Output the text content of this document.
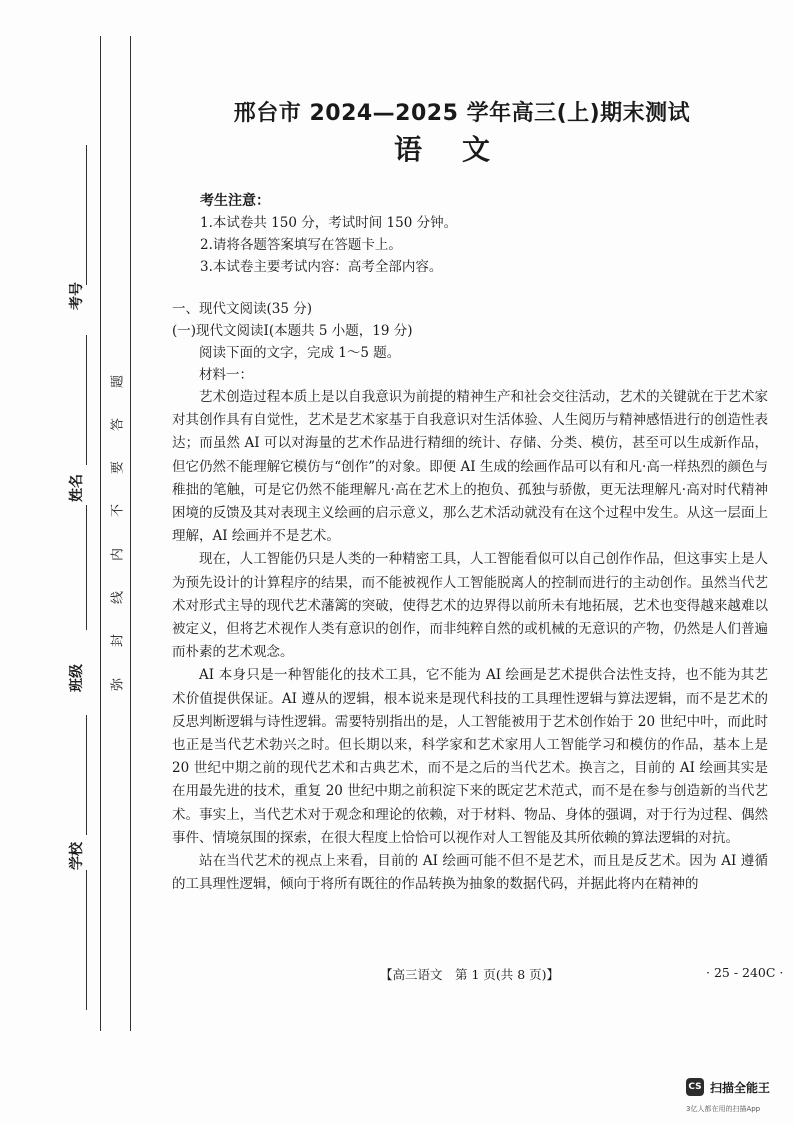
考号
姓名
班级
学校
题
答
要
不
内
线
封
弥
邢台市 2024—2025 学年高三(上)期末测试
语文
考生注意：
1.本试卷共 150 分，考试时间 150 分钟。
2.请将各题答案填写在答题卡上。
3.本试卷主要考试内容：高考全部内容。
一、现代文阅读(35 分)
(一)现代文阅读Ⅰ(本题共 5 小题，19 分)
阅读下面的文字，完成 1～5 题。
材料一：

艺术创造过程本质上是以自我意识为前提的精神生产和社会交往活动，艺术的关键就在于艺术家对其创作具有自觉性，艺术是艺术家基于自我意识对生活体验、人生阅历与精神感悟进行的创造性表达；而虽然 AI 可以对海量的艺术作品进行精细的统计、存储、分类、模仿，甚至可以生成新作品，但它仍然不能理解它模仿与“创作”的对象。即便 AI 生成的绘画作品可以有和凡·高一样热烈的颜色与稚拙的笔触，可是它仍然不能理解凡·高在艺术上的抱负、孤独与骄傲，更无法理解凡·高对时代精神困境的反馈及其对表现主义绘画的启示意义，那么艺术活动就没有在这个过程中发生。从这一层面上理解，AI 绘画并不是艺术。

现在，人工智能仍只是人类的一种精密工具，人工智能看似可以自己创作作品，但这事实上是人为预先设计的计算程序的结果，而不能被视作人工智能脱离人的控制而进行的主动创作。虽然当代艺术对形式主导的现代艺术藩篱的突破，使得艺术的边界得以前所未有地拓展，艺术也变得越来越难以被定义，但将艺术视作人类有意识的创作，而非纯粹自然的或机械的无意识的产物，仍然是人们普遍而朴素的艺术观念。

AI 本身只是一种智能化的技术工具，它不能为 AI 绘画是艺术提供合法性支持，也不能为其艺术价值提供保证。AI 遵从的逻辑，根本说来是现代科技的工具理性逻辑与算法逻辑，而不是艺术的反思判断逻辑与诗性逻辑。需要特别指出的是，人工智能被用于艺术创作始于 20 世纪中叶，而此时也正是当代艺术勃兴之时。但长期以来，科学家和艺术家用人工智能学习和模仿的作品，基本上是 20 世纪中期之前的现代艺术和古典艺术，而不是之后的当代艺术。换言之，目前的 AI 绘画其实是在用最先进的技术，重复 20 世纪中期之前积淀下来的既定艺术范式，而不是在参与创造新的当代艺术。事实上，当代艺术对于观念和理论的依赖，对于材料、物品、身体的强调，对于行为过程、偶然事件、情境氛围的探索，在很大程度上恰恰可以视作对人工智能及其所依赖的算法逻辑的对抗。

站在当代艺术的视点上来看，目前的 AI 绘画可能不但不是艺术，而且是反艺术。因为 AI 遵循的工具理性逻辑，倾向于将所有既往的作品转换为抽象的数据代码，并据此将内在精神的

【高三语文　第 1 页(共 8 页)】	· 25 - 240C ·
CS 扫描全能王
3亿人都在用的扫描App
